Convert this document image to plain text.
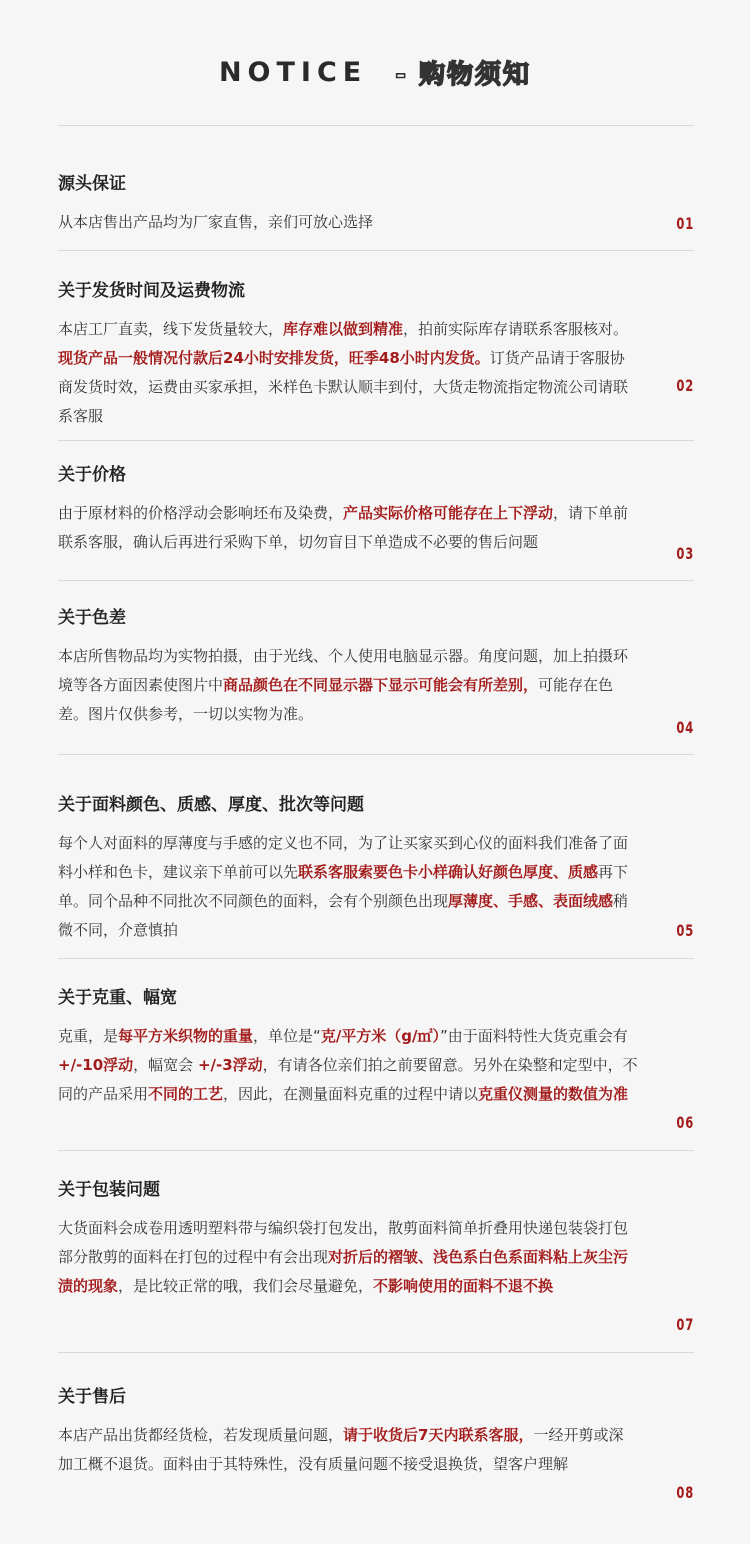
NOTICE - 购物须知
源头保证
从本店售出产品均为厂家直售，亲们可放心选择	01
关于发货时间及运费物流
本店工厂直卖，线下发货量较大，库存难以做到精准，拍前实际库存请联系客服核对。现货产品一般情况付款后24小时安排发货，旺季48小时内发货。订货产品请于客服协商发货时效，运费由买家承担，米样色卡默认顺丰到付，大货走物流指定物流公司请联系客服
02
关于价格
由于原材料的价格浮动会影响坯布及染费，产品实际价格可能存在上下浮动，请下单前联系客服，确认后再进行采购下单，切勿盲目下单造成不必要的售后问题
03
关于色差
本店所售物品均为实物拍摄，由于光线、个人使用电脑显示器。角度问题，加上拍摄环境等各方面因素使图片中商品颜色在不同显示器下显示可能会有所差别，可能存在色差。图片仅供参考，一切以实物为准。
04
关于面料颜色、质感、厚度、批次等问题
每个人对面料的厚薄度与手感的定义也不同，为了让买家买到心仪的面料我们准备了面料小样和色卡，建议亲下单前可以先联系客服索要色卡小样确认好颜色厚度、质感再下单。同个品种不同批次不同颜色的面料，会有个别颜色出现厚薄度、手感、表面绒感稍微不同，介意慎拍	05
关于克重、幅宽
克重，是每平方米织物的重量，单位是“克/平方米（g/㎡）”由于面料特性大货克重会有 +/-10浮动，幅宽会 +/-3浮动，有请各位亲们拍之前要留意。另外在染整和定型中，不同的产品采用不同的工艺，因此，在测量面料克重的过程中请以克重仪测量的数值为准
06
关于包装问题
大货面料会成卷用透明塑料带与编织袋打包发出，散剪面料简单折叠用快递包装袋打包部分散剪的面料在打包的过程中有会出现对折后的褶皱、浅色系白色系面料粘上灰尘污渍的现象，是比较正常的哦，我们会尽量避免，不影响使用的面料不退不换
07
关于售后
本店产品出货都经货检，若发现质量问题，请于收货后7天内联系客服，一经开剪或深加工概不退货。面料由于其特殊性，没有质量问题不接受退换货，望客户理解
08
